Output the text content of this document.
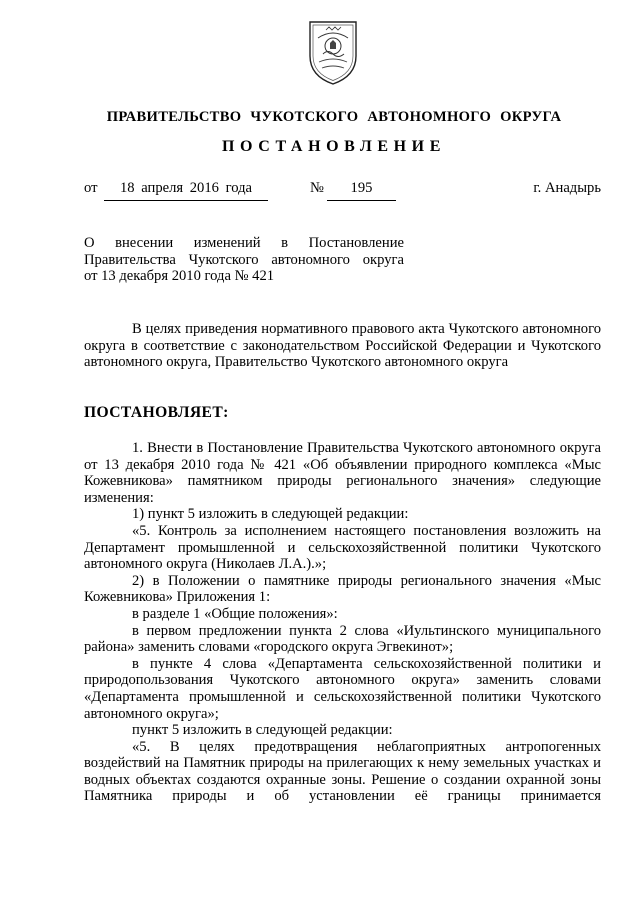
ПРАВИТЕЛЬСТВО ЧУКОТСКОГО АВТОНОМНОГО ОКРУГА
ПОСТАНОВЛЕНИЕ
от	18 апреля 2016 года	№	195	г. Анадырь

О внесении изменений в Постановление

Правительства Чукотского автономного округа

от 13 декабря 2010 года № 421

В целях приведения нормативного правового акта Чукотского автономного округа в соответствие с законодательством Российской Федерации и Чукотского автономного округа, Правительство Чукотского автономного округа

ПОСТАНОВЛЯЕТ:

1. Внести в Постановление Правительства Чукотского автономного округа от 13 декабря 2010 года № 421 «Об объявлении природного комплекса «Мыс Кожевникова» памятником природы регионального значения» следующие изменения:

1) пункт 5 изложить в следующей редакции:

«5. Контроль за исполнением настоящего постановления возложить на Департамент промышленной и сельскохозяйственной политики Чукотского автономного округа (Николаев Л.А.).»;

2) в Положении о памятнике природы регионального значения «Мыс Кожевникова» Приложения 1:

в разделе 1 «Общие положения»:

в первом предложении пункта 2 слова «Иультинского муниципального района» заменить словами «городского округа Эгвекинот»;

в пункте 4 слова «Департамента сельскохозяйственной политики и природопользования Чукотского автономного округа» заменить словами «Департамента промышленной и сельскохозяйственной политики Чукотского автономного округа»;

пункт 5 изложить в следующей редакции:

«5. В целях предотвращения неблагоприятных антропогенных воздействий на Памятник природы на прилегающих к нему земельных участках и водных объектах создаются охранные зоны. Решение о создании охранной зоны Памятника природы и об установлении её границы принимается
